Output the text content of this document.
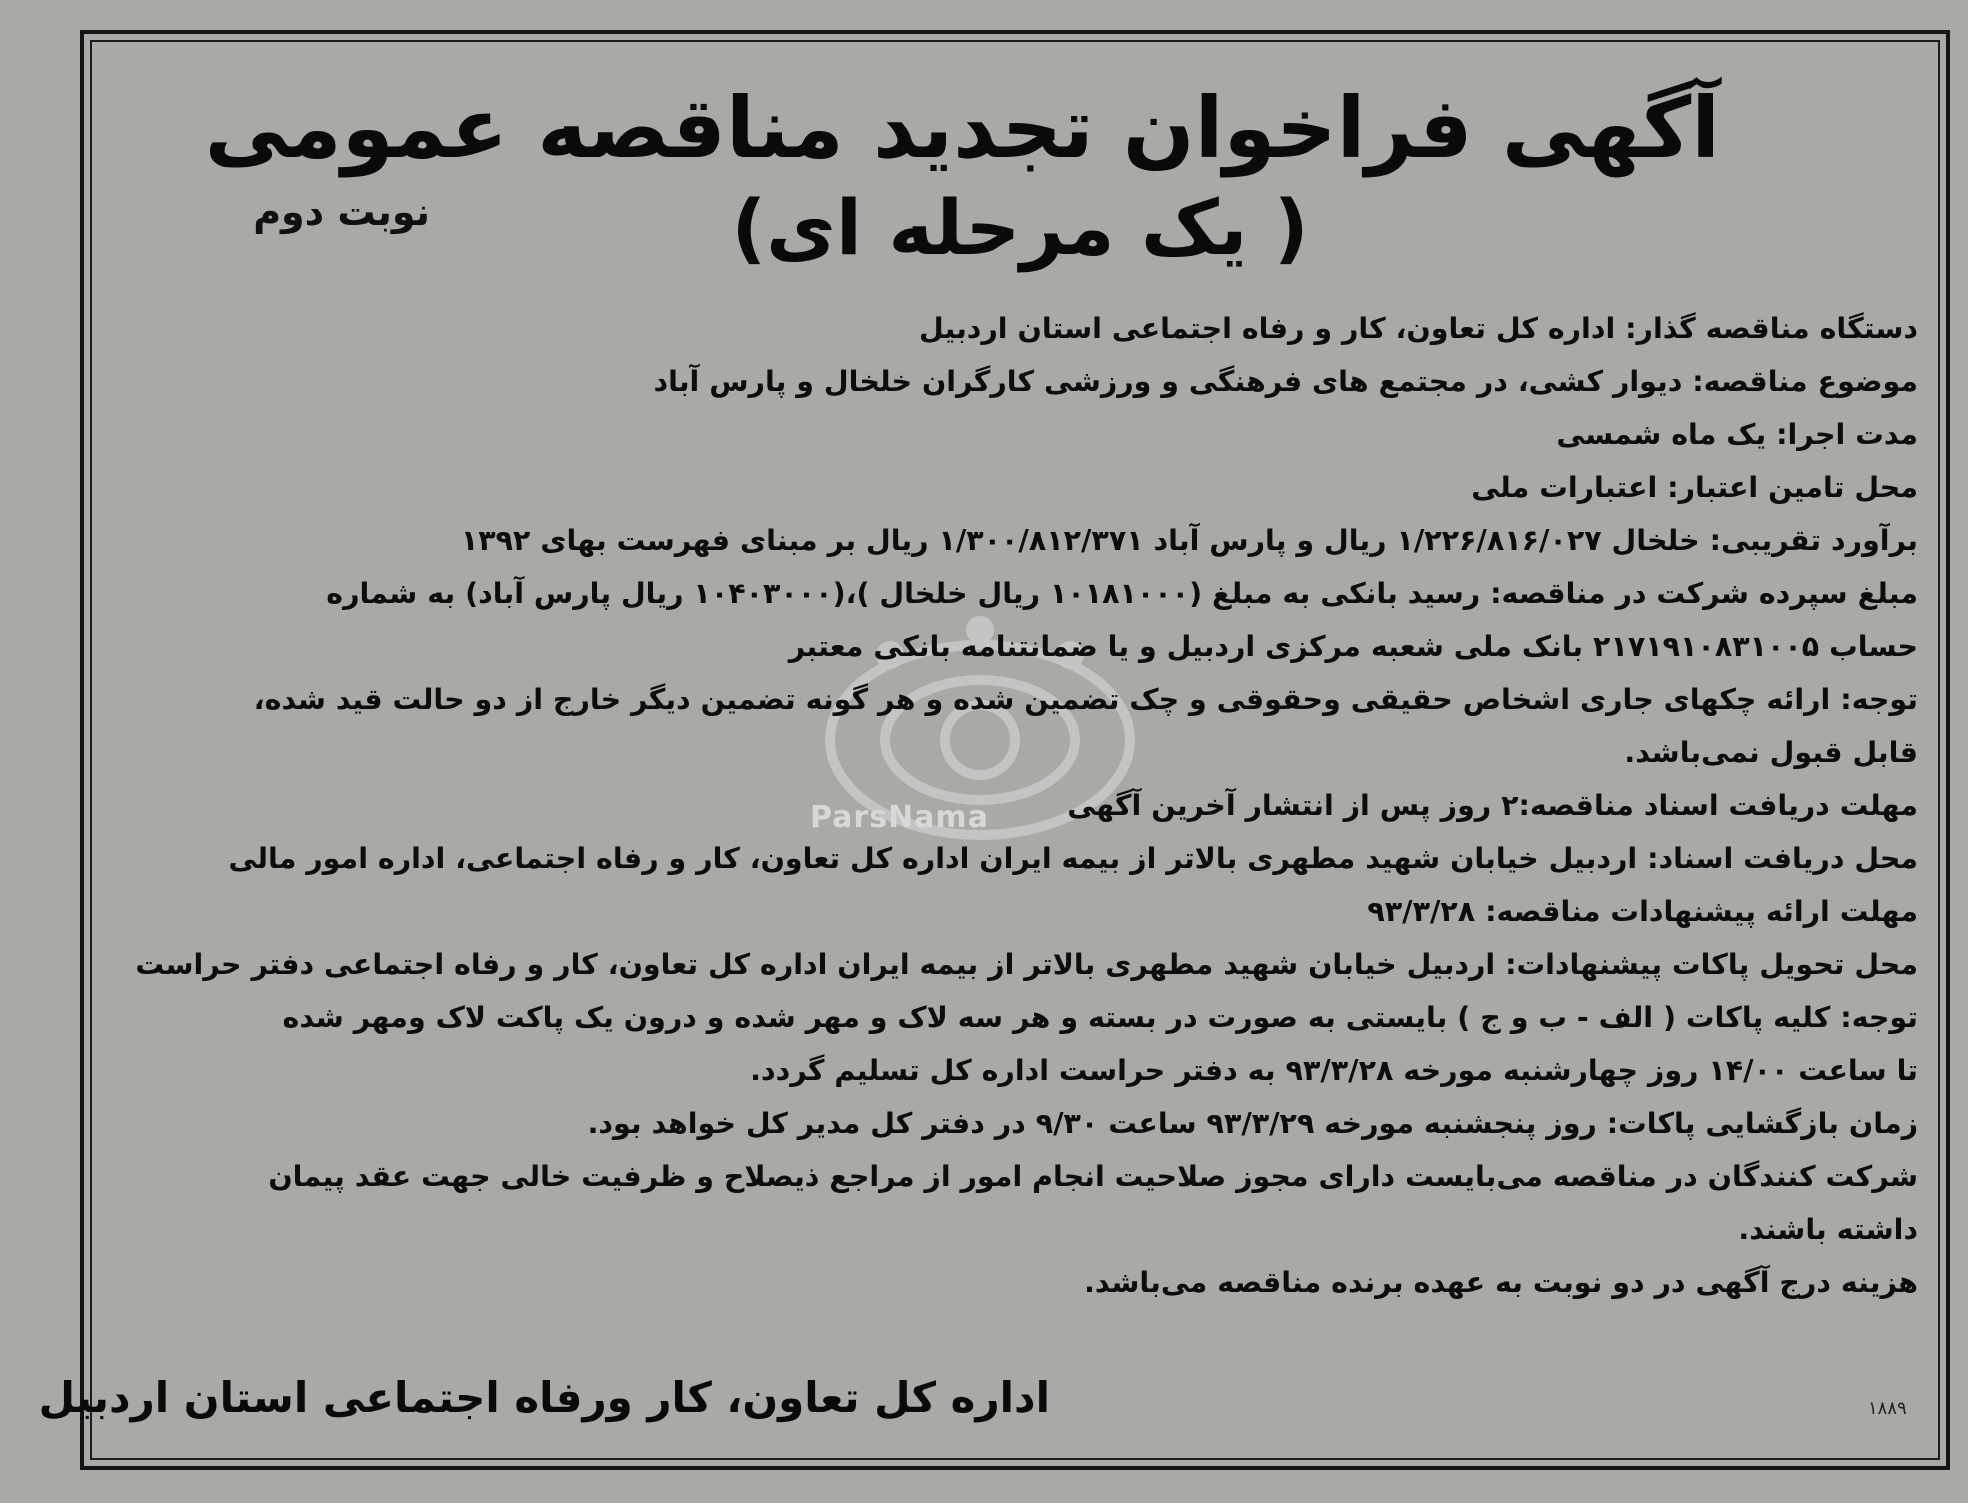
ParsNama
آگهی فراخوان تجدید مناقصه عمومی
( یک مرحله ای)
نوبت دوم
دستگاه مناقصه گذار: اداره کل تعاون، کار و رفاه اجتماعی استان اردبیل
موضوع مناقصه: دیوار کشی، در مجتمع های فرهنگی و ورزشی کارگران خلخال و پارس آباد
مدت اجرا: یک ماه شمسی
محل تامین اعتبار: اعتبارات ملی
برآورد تقریبی: خلخال ۱/۲۲۶/۸۱۶/۰۲۷ ریال و پارس آباد ۱/۳۰۰/۸۱۲/۳۷۱ ریال بر مبنای فهرست بهای ۱۳۹۲
مبلغ سپرده شرکت در مناقصه: رسید بانکی به مبلغ (۱۰۱۸۱۰۰۰ ریال خلخال )،(۱۰۴۰۳۰۰۰ ریال پارس آباد) به شماره
حساب ۲۱۷۱۹۱۰۸۳۱۰۰۵ بانک ملی شعبه مرکزی اردبیل و یا ضمانتنامه بانکی معتبر
توجه: ارائه چکهای جاری اشخاص حقیقی وحقوقی و چک تضمین شده و هر گونه تضمین دیگر خارج از دو حالت قید شده،
قابل قبول نمی‌باشد.
مهلت دریافت اسناد مناقصه:۲ روز پس از انتشار آخرین آگهی
محل دریافت اسناد: اردبیل خیابان شهید مطهری بالاتر از بیمه ایران اداره کل تعاون، کار و رفاه اجتماعی، اداره امور مالی
مهلت ارائه پیشنهادات مناقصه: ۹۳/۳/۲۸
محل تحویل پاکات پیشنهادات: اردبیل خیابان شهید مطهری بالاتر از بیمه ایران اداره کل تعاون، کار و رفاه اجتماعی دفتر حراست
توجه: کلیه پاکات ( الف - ب و ج ) بایستی به صورت در بسته و هر سه لاک و مهر شده و درون یک پاکت لاک ومهر شده
تا ساعت ۱۴/۰۰ روز چهارشنبه مورخه ۹۳/۳/۲۸ به دفتر حراست اداره کل تسلیم گردد.
زمان بازگشایی پاکات: روز پنجشنبه مورخه ۹۳/۳/۲۹ ساعت ۹/۳۰ در دفتر کل مدیر کل خواهد بود.
شرکت کنندگان در مناقصه می‌بایست دارای مجوز صلاحیت انجام امور از مراجع ذیصلاح و ظرفیت خالی جهت عقد پیمان
داشته باشند.
هزینه درج آگهی در دو نوبت به عهده برنده مناقصه می‌باشد.
اداره کل تعاون، کار ورفاه اجتماعی استان اردبیل	۱۸۸۹
